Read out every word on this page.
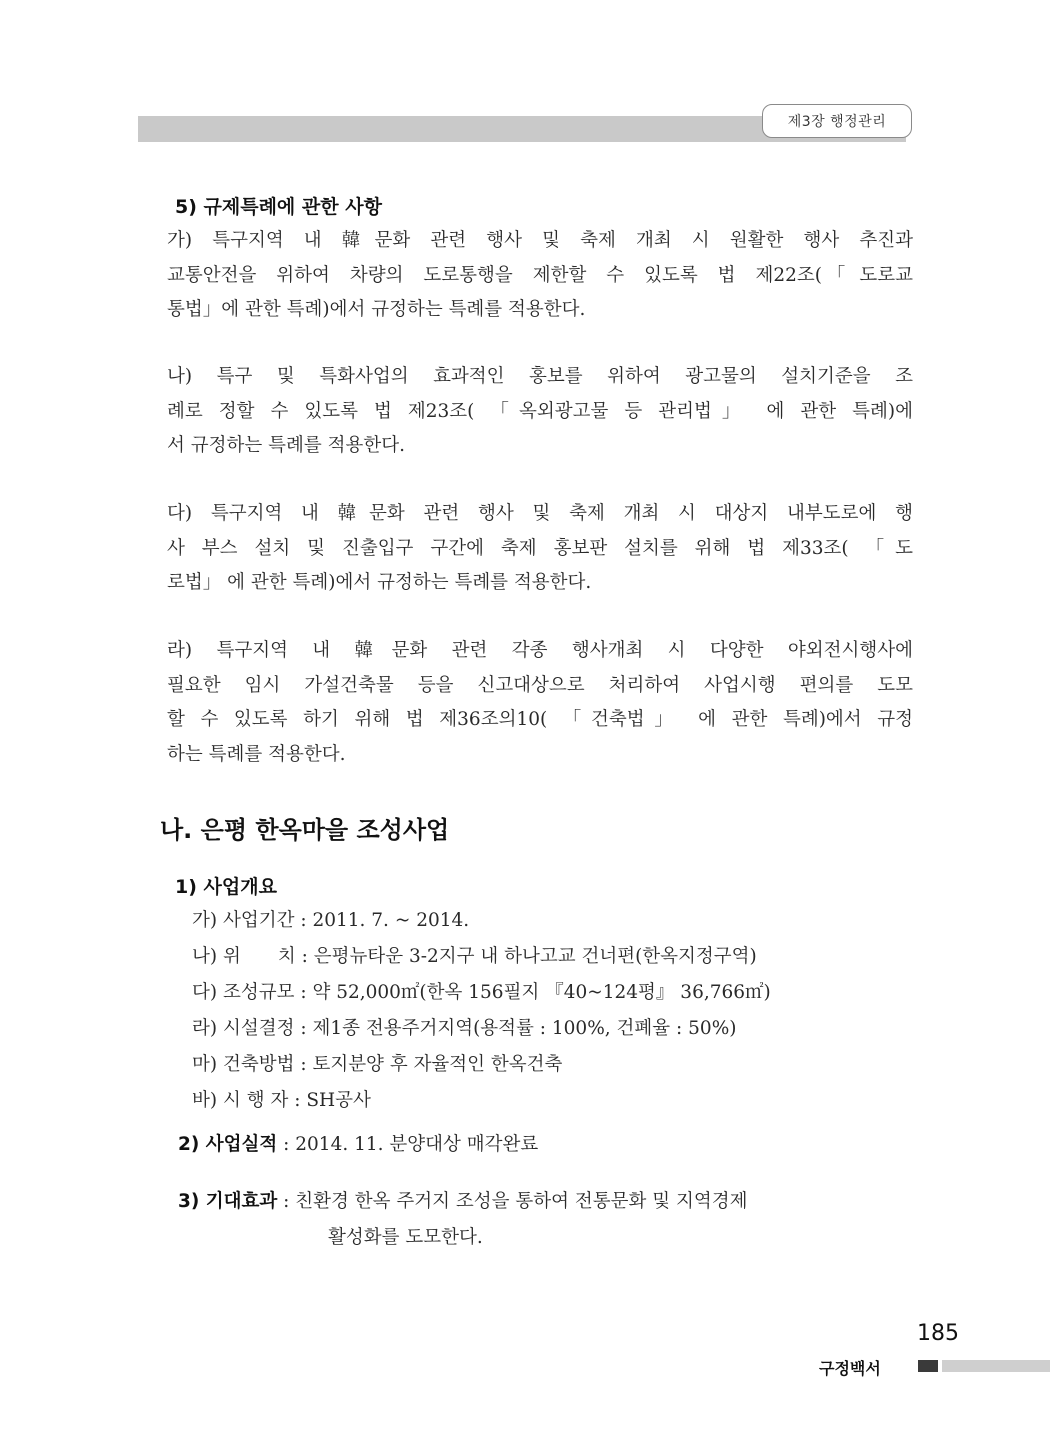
제3장 행정관리
5) 규제특례에 관한 사항
가) 특구지역 내 韓문화 관련 행사 및 축제 개최 시 원활한 행사 추진과
교통안전을 위하여 차량의 도로통행을 제한할 수 있도록 법 제22조(「도로교
통법」에 관한 특례)에서 규정하는 특례를 적용한다.
나) 특구 및 특화사업의 효과적인 홍보를 위하여 광고물의 설치기준을 조
례로 정할 수 있도록 법 제23조( 「옥외광고물 등 관리법」 에 관한 특례)에
서 규정하는 특례를 적용한다.
다) 특구지역 내 韓문화 관련 행사 및 축제 개최 시 대상지 내부도로에 행
사 부스 설치 및 진출입구 구간에 축제 홍보판 설치를 위해 법 제33조( 「도
로법」 에 관한 특례)에서 규정하는 특례를 적용한다.
라) 특구지역 내 韓문화 관련 각종 행사개최 시 다양한 야외전시행사에
필요한 임시 가설건축물 등을 신고대상으로 처리하여 사업시행 편의를 도모
할 수 있도록 하기 위해 법 제36조의10( 「건축법」 에 관한 특례)에서 규정
하는 특례를 적용한다.
나. 은평 한옥마을 조성사업
1) 사업개요
가) 사업기간 : 2011. 7. ~ 2014.
나) 위　　치 : 은평뉴타운 3-2지구 내 하나고교 건너편(한옥지정구역)
다) 조성규모 : 약 52,000㎡(한옥 156필지 『40~124평』 36,766㎡)
라) 시설결정 : 제1종 전용주거지역(용적률 : 100%, 건폐율 : 50%)
마) 건축방법 : 토지분양 후 자율적인 한옥건축
바) 시 행 자 : SH공사
2) 사업실적 : 2014. 11. 분양대상 매각완료
3) 기대효과 : 친환경 한옥 주거지 조성을 통하여 전통문화 및 지역경제
활성화를 도모한다.
185
구정백서
